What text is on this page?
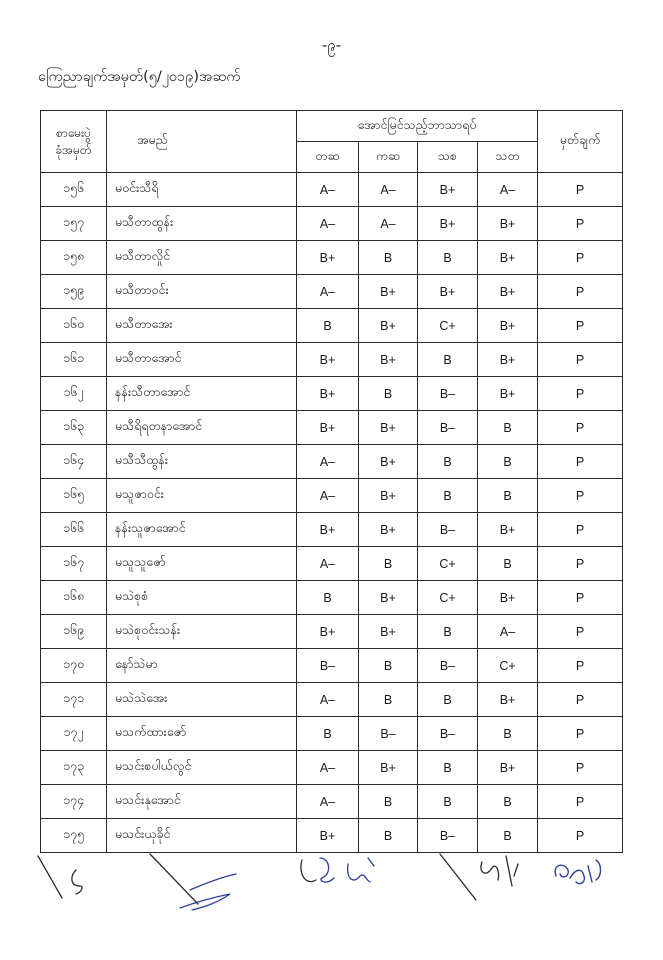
-၉-
ကြေညာချက်အမှတ်(၅/၂၀၁၉)အဆက်
စာမေးပွဲ
ခုံအမှတ်	အမည်	အောင်မြင်သည့်ဘာသာရပ်				မှတ်ချက်
		တဆ	ကဆ	သစ	သတ	
၁၅၆	မဝင်းသီရိ	A–	A–	B+	A–	P
၁၅၇	မသီတာထွန်း	A–	A–	B+	B+	P
၁၅၈	မသီတာလှိုင်	B+	B	B	B+	P
၁၅၉	မသီတာဝင်း	A–	B+	B+	B+	P
၁၆၀	မသီတာအေး	B	B+	C+	B+	P
၁၆၁	မသီတာအောင်	B+	B+	B	B+	P
၁၆၂	နန်းသီတာအောင်	B+	B	B–	B+	P
၁၆၃	မသီရိရတနာအောင်	B+	B+	B–	B	P
၁၆၄	မသီသီထွန်း	A–	B+	B	B	P
၁၆၅	မသူဇာဝင်း	A–	B+	B	B	P
၁၆၆	နန်းသူဇာအောင်	B+	B+	B–	B+	P
၁၆၇	မသူသူဇော်	A–	B	C+	B	P
၁၆၈	မသဲစုစံ	B	B+	C+	B+	P
၁၆၉	မသဲစုဝင်းသန်း	B+	B+	B	A–	P
၁၇၀	နော်သဲမာ	B–	B	B–	C+	P
၁၇၁	မသဲသဲအေး	A–	B	B	B+	P
၁၇၂	မသက်ထားဇော်	B	B–	B–	B	P
၁၇၃	မသင်းစပါယ်လွင်	A–	B+	B	B+	P
၁၇၄	မသင်းနုအောင်	A–	B	B	B	P
၁၇၅	မသင်းယုခိုင်	B+	B	B–	B	P
